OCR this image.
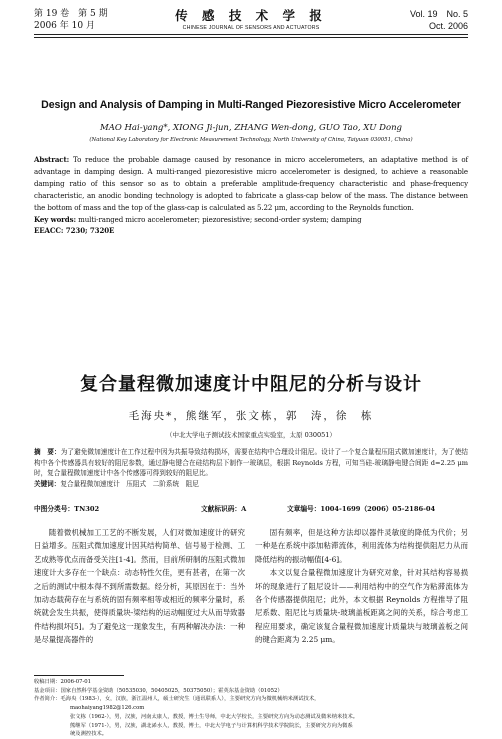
第 19 卷　第 5 期
2006 年 10 月
传 感 技 术 学 报
CHINESE JOURNAL OF SENSORS AND ACTUATORS
Vol. 19　No. 5
Oct. 2006
Design and Analysis of Damping in Multi-Ranged Piezoresistive Micro Accelerometer
MAO Hai-yang*, XIONG Ji-jun, ZHANG Wen-dong, GUO Tao, XU Dong
(National Key Laboratory for Electronic Measurement Technology, North University of China, Taiyuan 030051, China)
Abstract: To reduce the probable damage caused by resonance in micro accelerometers, an adaptative method is of advantage in damping design. A multi-ranged piezoresistive micro accelerometer is designed, to achieve a reasonable damping ratio of this sensor so as to obtain a preferable amplitude-frequency characteristic and phase-frequency characteristic, an anodic bonding technology is adopted to fabricate a glass-cap below of the mass. The distance between the bottom of mass and the top of the glass-cap is calculated as 5.22 μm, according to the Reynolds function.
Key words: multi-ranged micro accelerometer; piezoresistive; second-order system; damping
EEACC: 7230; 7320E
复合量程微加速度计中阻尼的分析与设计
毛海央*，熊继军，张文栋，郭　涛，徐　栋
（中北大学电子测试技术国家重点实验室，太原 030051）
摘　要：为了避免微加速度计在工作过程中因为共振导致结构损坏，需要在结构中合理设计阻尼。设计了一个复合量程压阻式微加速度计，为了使结构中各个传感器具有较好的阻尼参数，通过静电键合在硅结构层下制作一玻璃层，根据 Reynolds 方程，可知当硅-玻璃静电键合间距 d=2.25 μm 时，复合量程微加速度计中各个传感器可得到较好的阻尼比。
关键词：复合量程微加速度计　压阻式　二阶系统　阻尼
中图分类号：TN302	文献标识码：A	文章编号：1004-1699（2006）05-2186-04

随着微机械加工工艺的不断发展，人们对微加速度计的研究日益增多。压阻式微加速度计因其结构简单、信号易于检测、工艺成熟等优点而备受关注[1-4]。然而，目前所研制的压阻式微加速度计大多存在一个缺点：动态特性欠佳，更有甚者，在第一次之后的测试中根本得不到所需数据。经分析，其原因在于：当外加动态载荷存在与系统的固有频率相等或相近的频率分量时，系统就会发生共振，使得质量块-梁结构的运动幅度过大从而导致器件结构损坏[5]。为了避免这一现象发生，有两种解决办法：一种是尽量提高器件的

固有频率，但是这种方法却以器件灵敏度的降低为代价；另一种是在系统中添加粘滞流体，利用流体为结构提供阻尼力从而降低结构的振动幅值[4-6]。

本文以复合量程微加速度计为研究对象，针对其结构容易损坏的现象进行了阻尼设计——利用结构中的空气作为粘滞流体为各个传感器提供阻尼；此外，本文根据 Reynolds 方程推导了阻尼系数、阻尼比与质量块-玻璃盖板距离之间的关系，综合考虑工程应用要求，确定该复合量程微加速度计质量块与玻璃盖板之间的键合距离为 2.25 μm。

收稿日期：2006-07-01
基金项目：国家自然科学基金资助（50535030，50405025，50375050）；霍英东基金资助（01052）
作者简介：毛海央（1983-），女，汉族，浙江温州人，硕士研究生（通讯联系人），主要研究方向为微机械纳米测试技术，
maohaiyang1982@126.com
张文栋（1962-），男，汉族，河南太康人，教授，博士生导师，中北大学校长，主要研究方向为动态测试及微米纳米技术。
熊继军（1971-），男，汉族，湖北浠水人，教授，博士，中北大学电子与计算机科学技术学院院长，主要研究方向为微系
统及测控技术。
